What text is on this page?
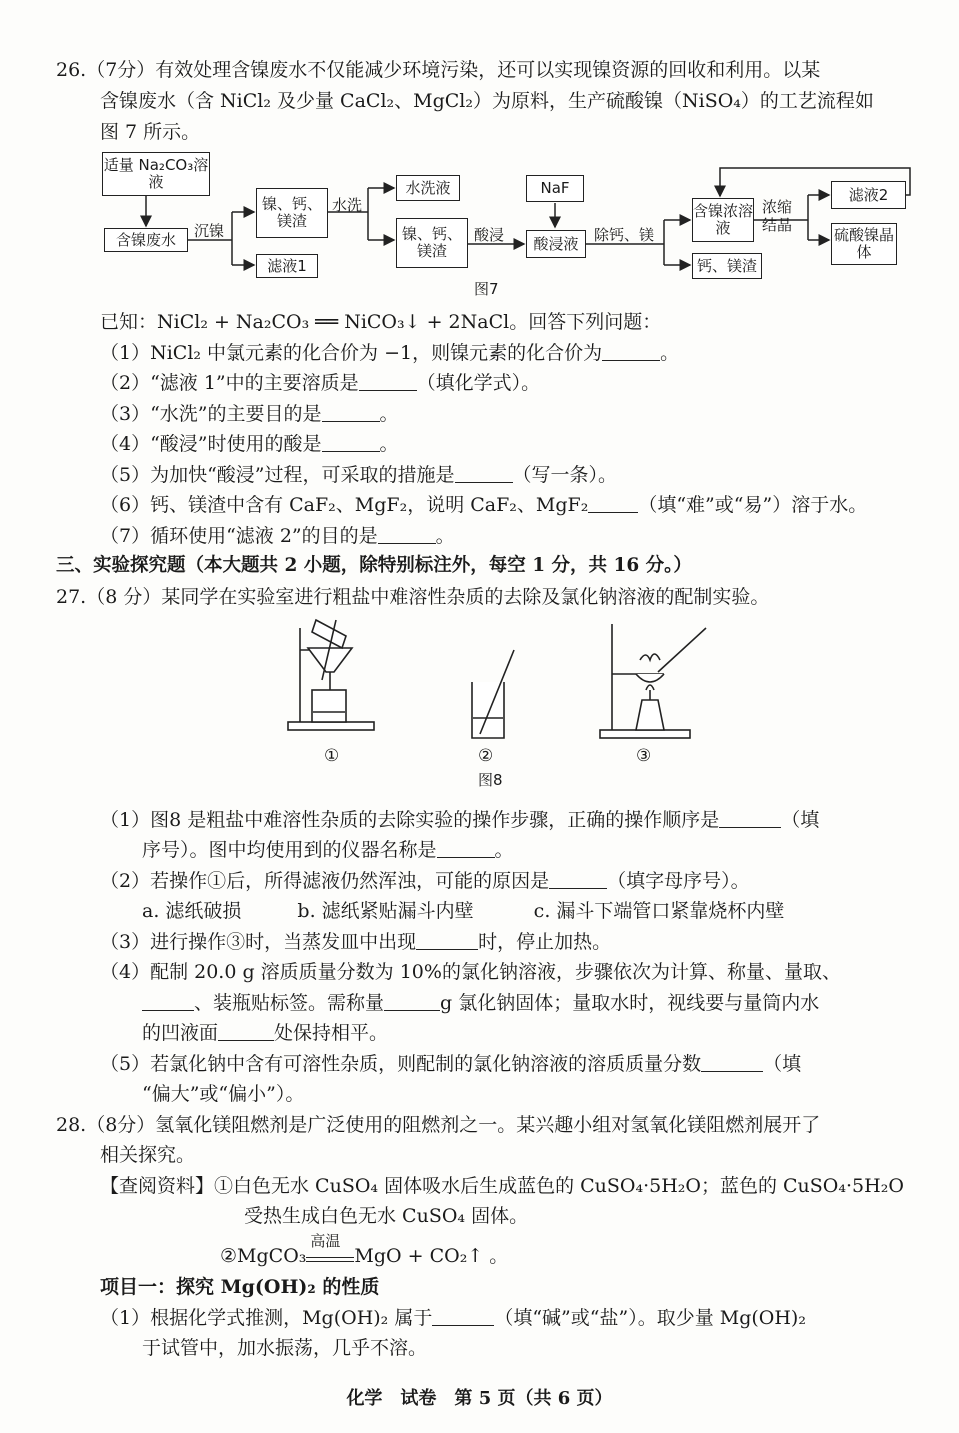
26.（7分）有效处理含镍废水不仅能减少环境污染，还可以实现镍资源的回收和利用。以某
含镍废水（含 NiCl₂ 及少量 CaCl₂、MgCl₂）为原料，生产硫酸镍（NiSO₄）的工艺流程如
图 7 所示。
适量 Na₂CO₃溶液
含镍废水	沉镍
镍、钙、镁渣
滤液1
水洗
水洗液
镍、钙、镁渣
酸浸
NaF
酸浸液	除钙、镁
含镍浓溶液
钙、镁渣
浓缩结晶
滤液2
硫酸镍晶体
图7
已知：NiCl₂ + Na₂CO₃ ══ NiCO₃↓ + 2NaCl。回答下列问题：
（1）NiCl₂ 中氯元素的化合价为 −1，则镍元素的化合价为	。
（2）“滤液 1”中的主要溶质是	（填化学式）。
（3）“水洗”的主要目的是	。
（4）“酸浸”时使用的酸是	。
（5）为加快“酸浸”过程，可采取的措施是	（写一条）。
（6）钙、镁渣中含有 CaF₂、MgF₂，说明 CaF₂、MgF₂	（填“难”或“易”）溶于水。
（7）循环使用“滤液 2”的目的是	。
三、实验探究题（本大题共 2 小题，除特别标注外，每空 1 分，共 16 分。）
27.（8 分）某同学在实验室进行粗盐中难溶性杂质的去除及氯化钠溶液的配制实验。
①	②	③
图8
（1）图8 是粗盐中难溶性杂质的去除实验的操作步骤，正确的操作顺序是	（填
序号）。图中均使用到的仪器名称是	。
（2）若操作①后，所得滤液仍然浑浊，可能的原因是	（填字母序号）。
a. 滤纸破损	b. 滤纸紧贴漏斗内壁	c. 漏斗下端管口紧靠烧杯内壁
（3）进行操作③时，当蒸发皿中出现	时，停止加热。
（4）配制 20.0 g 溶质质量分数为 10%的氯化钠溶液，步骤依次为计算、称量、量取、
、装瓶贴标签。需称量	g 氯化钠固体；量取水时，视线要与量筒内水
的凹液面	处保持相平。
（5）若氯化钠中含有可溶性杂质，则配制的氯化钠溶液的溶质质量分数	（填
“偏大”或“偏小”）。
28.（8分）氢氧化镁阻燃剂是广泛使用的阻燃剂之一。某兴趣小组对氢氧化镁阻燃剂展开了
相关探究。
【查阅资料】①白色无水 CuSO₄ 固体吸水后生成蓝色的 CuSO₄·5H₂O；蓝色的 CuSO₄·5H₂O
受热生成白色无水 CuSO₄ 固体。
②MgCO₃
高温
MgO + CO₂↑ 。
项目一：探究 Mg(OH)₂ 的性质
（1）根据化学式推测，Mg(OH)₂ 属于	（填“碱”或“盐”）。取少量 Mg(OH)₂
于试管中，加水振荡，几乎不溶。
化学　试卷　第 5 页（共 6 页）
